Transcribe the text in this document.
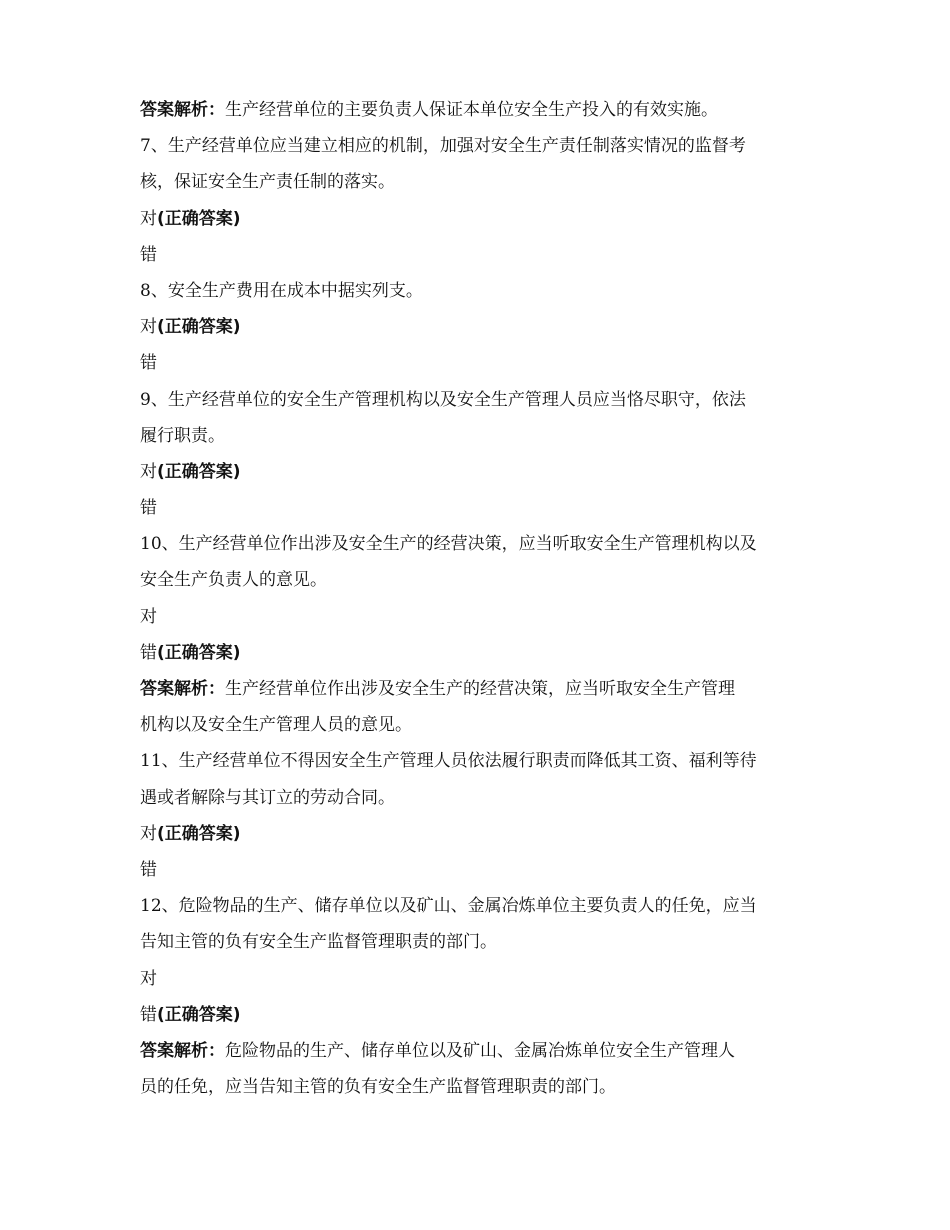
答案解析：生产经营单位的主要负责人保证本单位安全生产投入的有效实施。
7、生产经营单位应当建立相应的机制，加强对安全生产责任制落实情况的监督考
核，保证安全生产责任制的落实。
对(正确答案)
错
8、安全生产费用在成本中据实列支。
对(正确答案)
错
9、生产经营单位的安全生产管理机构以及安全生产管理人员应当恪尽职守，依法
履行职责。
对(正确答案)
错
10、生产经营单位作出涉及安全生产的经营决策，应当听取安全生产管理机构以及
安全生产负责人的意见。
对
错(正确答案)
答案解析：生产经营单位作出涉及安全生产的经营决策，应当听取安全生产管理
机构以及安全生产管理人员的意见。
11、生产经营单位不得因安全生产管理人员依法履行职责而降低其工资、福利等待
遇或者解除与其订立的劳动合同。
对(正确答案)
错
12、危险物品的生产、储存单位以及矿山、金属冶炼单位主要负责人的任免，应当
告知主管的负有安全生产监督管理职责的部门。
对
错(正确答案)
答案解析：危险物品的生产、储存单位以及矿山、金属冶炼单位安全生产管理人
员的任免，应当告知主管的负有安全生产监督管理职责的部门。
